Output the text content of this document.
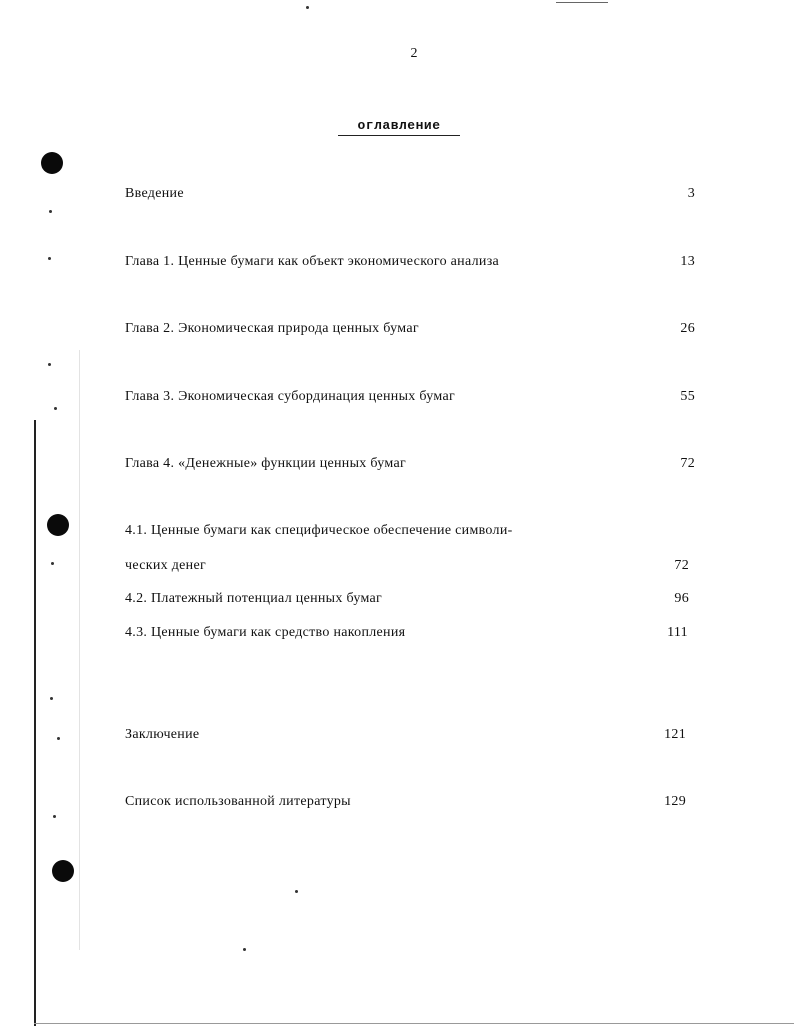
2
оглавление
Введение	3
Глава 1. Ценные бумаги как объект экономического анализа	13
Глава 2. Экономическая природа ценных бумаг	26
Глава 3. Экономическая субординация ценных бумаг	55
Глава 4. «Денежные» функции ценных бумаг	72
4.1. Ценные бумаги как специфическое обеспечение символи-
ческих денег	72
4.2. Платежный потенциал ценных бумаг	96
4.3. Ценные бумаги как средство накопления	111
Заключение	121
Список использованной литературы	129
